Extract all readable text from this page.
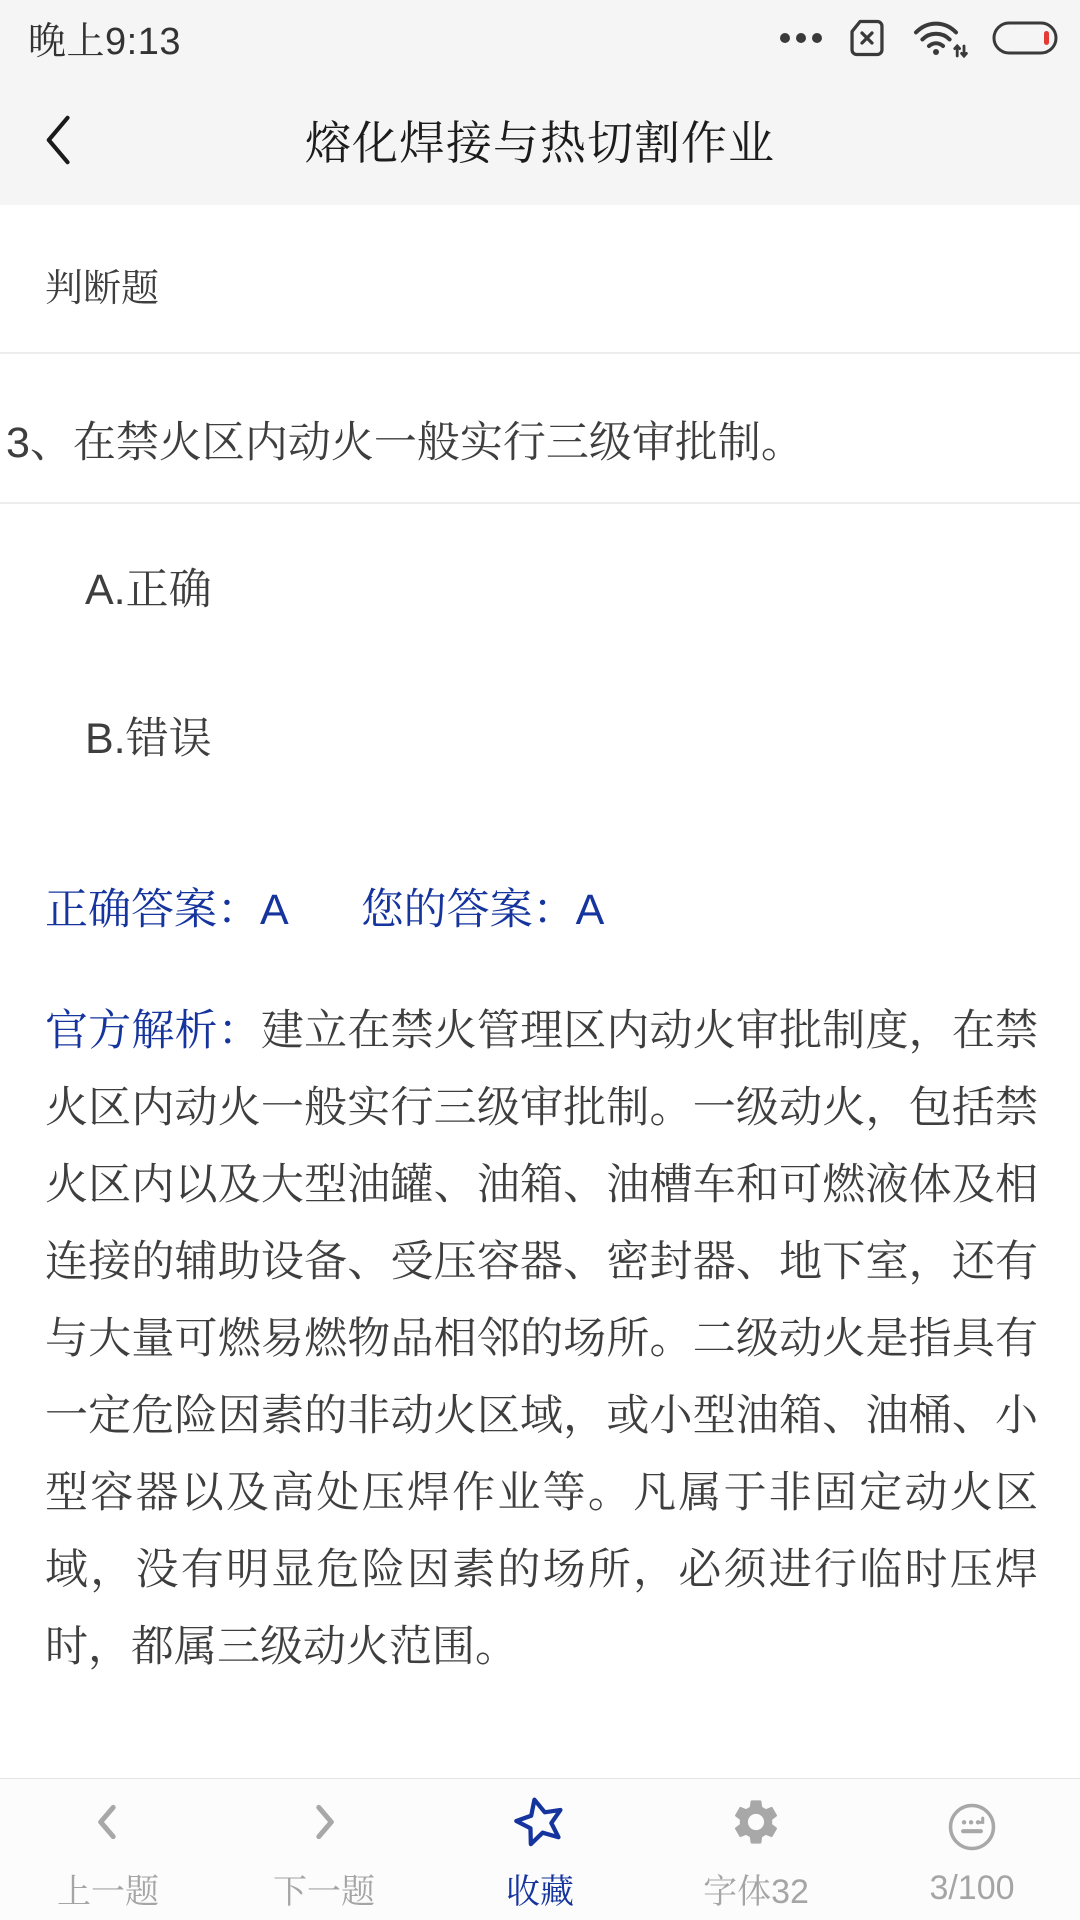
晚上9:13
熔化焊接与热切割作业
判断题
3、在禁火区内动火一般实行三级审批制。
A.正确
B.错误
正确答案：A 您的答案：A

官方解析：建立在禁火管理区内动火审批制度，在禁火区内动火一般实行三级审批制。一级动火，包括禁火区内以及大型油罐、油箱、油槽车和可燃液体及相连接的辅助设备、受压容器、密封器、地下室，还有与大量可燃易燃物品相邻的场所。二级动火是指具有一定危险因素的非动火区域，或小型油箱、油桶、小型容器以及高处压焊作业等。凡属于非固定动火区域，没有明显危险因素的场所，必须进行临时压焊时，都属三级动火范围。

上一题	下一题	收藏	字体32	3/100
